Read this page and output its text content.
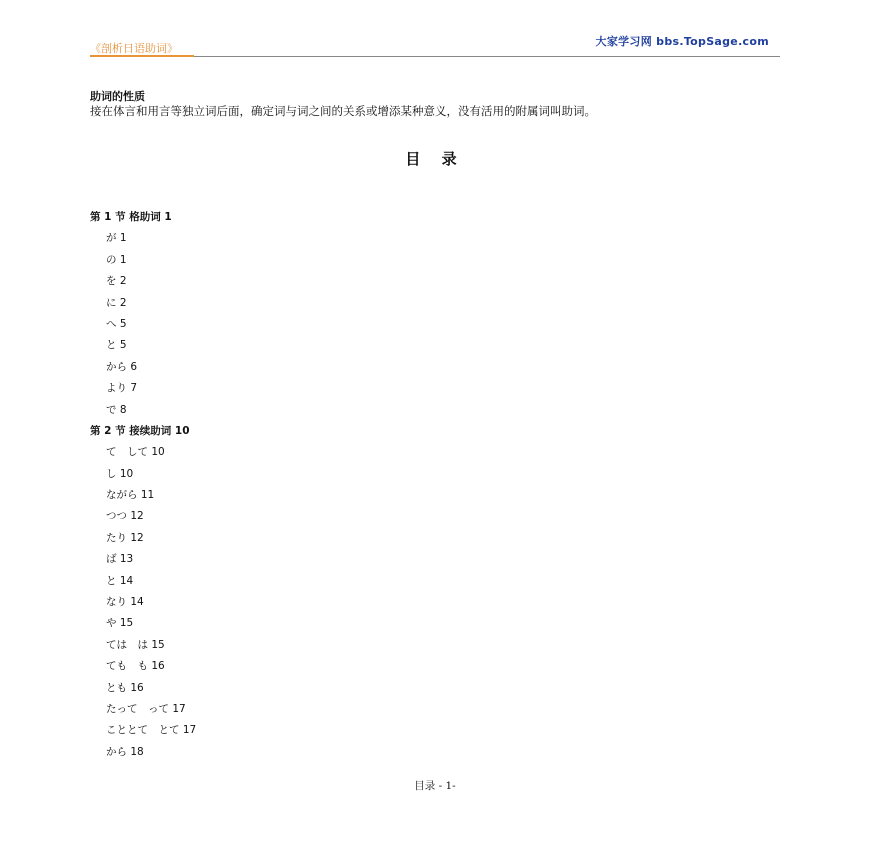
《剖析日语助词》
大家学习网 bbs.TopSage.com
助词的性质
接在体言和用言等独立词后面，确定词与词之间的关系或增添某种意义，没有活用的附属词叫助词。
目 录
第 1 节 格助词 1
が 1
の 1
を 2
に 2
へ 5
と 5
から 6
より 7
で 8
第 2 节 接续助词 10
て　して 10
し 10
ながら 11
つつ 12
たり 12
ば 13
と 14
なり 14
や 15
ては　は 15
ても　も 16
とも 16
たって　って 17
こととて　とて 17
から 18
目录 - 1-
